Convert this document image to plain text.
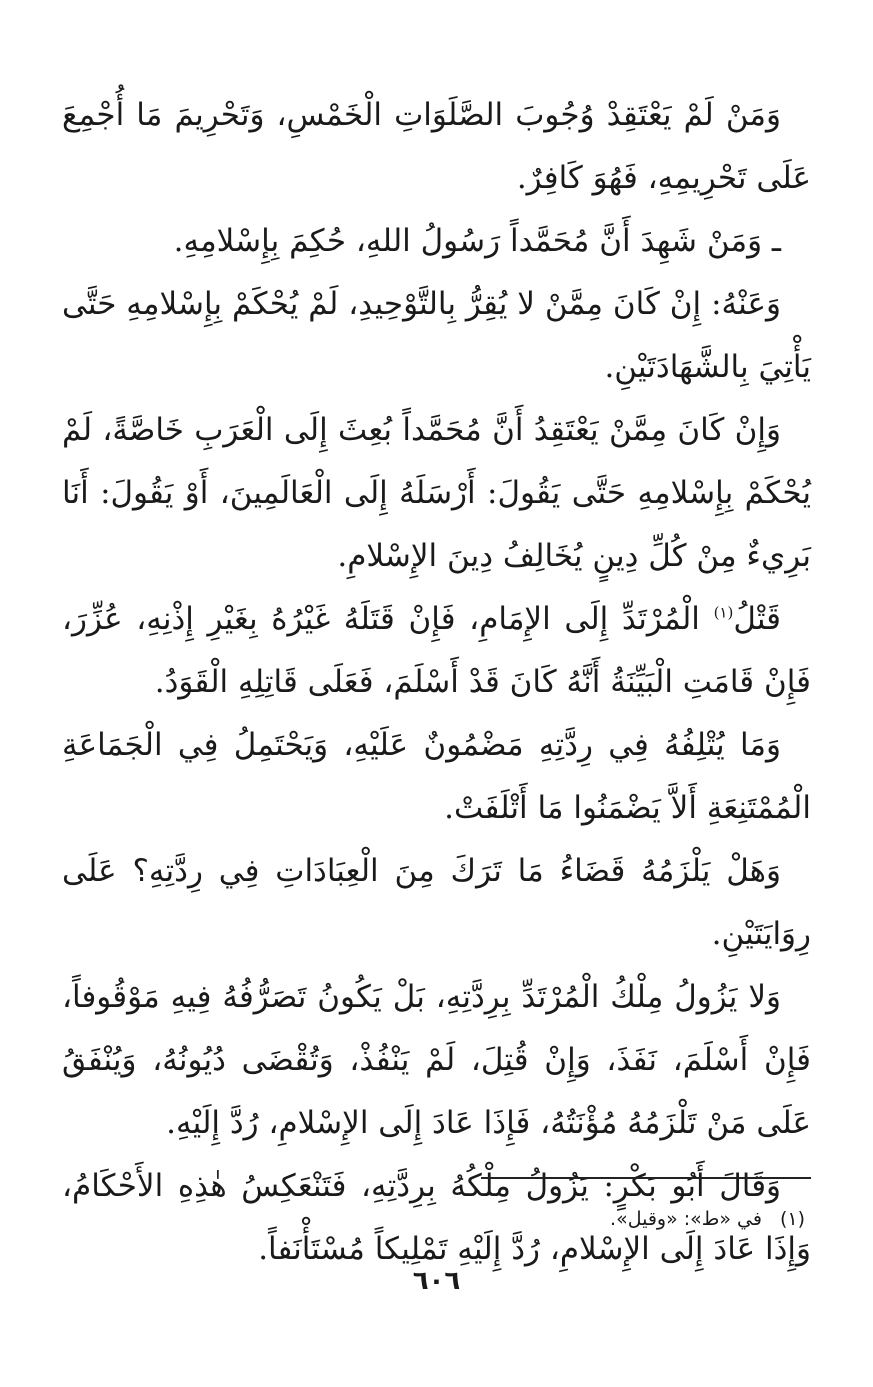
وَمَنْ لَمْ يَعْتَقِدْ وُجُوبَ الصَّلَوَاتِ الْخَمْسِ، وَتَحْرِيمَ مَا أُجْمِعَ عَلَى تَحْرِيمِهِ، فَهُوَ كَافِرٌ.

ـ وَمَنْ شَهِدَ أَنَّ مُحَمَّداً رَسُولُ اللهِ، حُكِمَ بِإِسْلامِهِ.

وَعَنْهُ: إِنْ كَانَ مِمَّنْ لا يُقِرُّ بِالتَّوْحِيدِ، لَمْ يُحْكَمْ بِإِسْلامِهِ حَتَّى يَأْتِيَ بِالشَّهَادَتَيْنِ.

وَإِنْ كَانَ مِمَّنْ يَعْتَقِدُ أَنَّ مُحَمَّداً بُعِثَ إِلَى الْعَرَبِ خَاصَّةً، لَمْ يُحْكَمْ بِإِسْلامِهِ حَتَّى يَقُولَ: أَرْسَلَهُ إِلَى الْعَالَمِينَ، أَوْ يَقُولَ: أَنَا بَرِيءٌ مِنْ كُلِّ دِينٍ يُخَالِفُ دِينَ الإِسْلامِ.

قَتْلُ$^{(١)}$ الْمُرْتَدِّ إِلَى الإِمَامِ، فَإِنْ قَتَلَهُ غَيْرُهُ بِغَيْرِ إِذْنِهِ، عُزِّرَ، فَإِنْ قَامَتِ الْبَيِّنَةُ أَنَّهُ كَانَ قَدْ أَسْلَمَ، فَعَلَى قَاتِلِهِ الْقَوَدُ.

وَمَا يُتْلِفُهُ فِي رِدَّتِهِ مَضْمُونٌ عَلَيْهِ، وَيَحْتَمِلُ فِي الْجَمَاعَةِ الْمُمْتَنِعَةِ أَلاَّ يَضْمَنُوا مَا أَتْلَفَتْ.

وَهَلْ يَلْزَمُهُ قَضَاءُ مَا تَرَكَ مِنَ الْعِبَادَاتِ فِي رِدَّتِهِ؟ عَلَى رِوَايَتَيْنِ.

وَلا يَزُولُ مِلْكُ الْمُرْتَدِّ بِرِدَّتِهِ، بَلْ يَكُونُ تَصَرُّفُهُ فِيهِ مَوْقُوفاً، فَإِنْ أَسْلَمَ، نَفَذَ، وَإِنْ قُتِلَ، لَمْ يَنْفُذْ، وَتُقْضَى دُيُونُهُ، وَيُنْفَقُ عَلَى مَنْ تَلْزَمُهُ مُؤْنَتُهُ، فَإِذَا عَادَ إِلَى الإِسْلامِ، رُدَّ إِلَيْهِ.

وَقَالَ أَبُو بَكْرٍ: يَزُولُ مِلْكُهُ بِرِدَّتِهِ، فَتَنْعَكِسُ هٰذِهِ الأَحْكَامُ، وَإِذَا عَادَ إِلَى الإِسْلامِ، رُدَّ إِلَيْهِ تَمْلِيكاً مُسْتَأْنَفاً.

(١)في «ط»: «وقيل».
٦٠٦
